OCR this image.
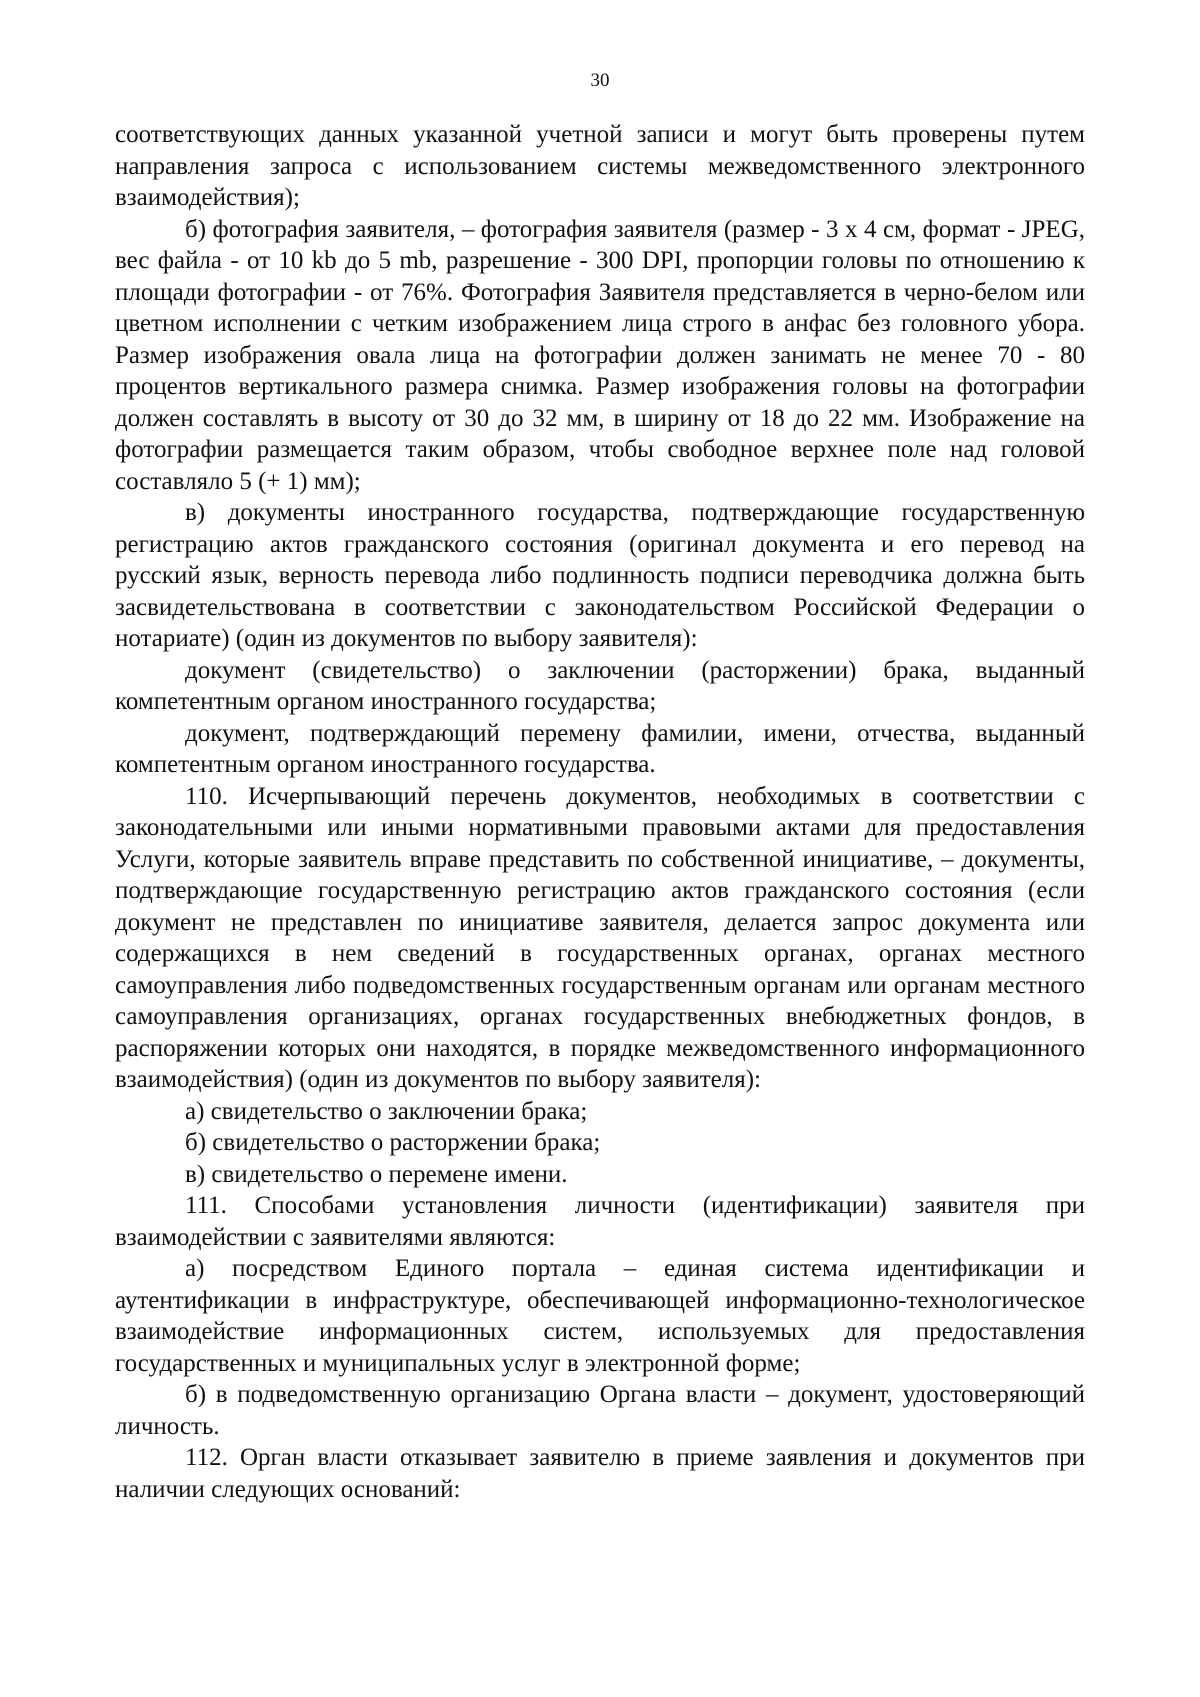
30

соответствующих данных указанной учетной записи и могут быть проверены путем направления запроса с использованием системы межведомственного электронного взаимодействия);

б) фотография заявителя, – фотография заявителя (размер - 3 x 4 см, формат - JPEG, вес файла - от 10 kb до 5 mb, разрешение - 300 DPI, пропорции головы по отношению к площади фотографии - от 76%. Фотография Заявителя представляется в черно-белом или цветном исполнении с четким изображением лица строго в анфас без головного убора. Размер изображения овала лица на фотографии должен занимать не менее 70 - 80 процентов вертикального размера снимка. Размер изображения головы на фотографии должен составлять в высоту от 30 до 32 мм, в ширину от 18 до 22 мм. Изображение на фотографии размещается таким образом, чтобы свободное верхнее поле над головой составляло 5 (+ 1) мм);

в) документы иностранного государства, подтверждающие государственную регистрацию актов гражданского состояния (оригинал документа и его перевод на русский язык, верность перевода либо подлинность подписи переводчика должна быть засвидетельствована в соответствии с законодательством Российской Федерации о нотариате) (один из документов по выбору заявителя):

документ (свидетельство) о заключении (расторжении) брака, выданный компетентным органом иностранного государства;

документ, подтверждающий перемену фамилии, имени, отчества, выданный компетентным органом иностранного государства.

110. Исчерпывающий перечень документов, необходимых в соответствии с законодательными или иными нормативными правовыми актами для предоставления Услуги, которые заявитель вправе представить по собственной инициативе, – документы, подтверждающие государственную регистрацию актов гражданского состояния (если документ не представлен по инициативе заявителя, делается запрос документа или содержащихся в нем сведений в государственных органах, органах местного самоуправления либо подведомственных государственным органам или органам местного самоуправления организациях, органах государственных внебюджетных фондов, в распоряжении которых они находятся, в порядке межведомственного информационного взаимодействия) (один из документов по выбору заявителя):

а) свидетельство о заключении брака;

б) свидетельство о расторжении брака;

в) свидетельство о перемене имени.

111. Способами установления личности (идентификации) заявителя при взаимодействии с заявителями являются:

а) посредством Единого портала – единая система идентификации и аутентификации в инфраструктуре, обеспечивающей информационно-технологическое взаимодействие информационных систем, используемых для предоставления государственных и муниципальных услуг в электронной форме;

б) в подведомственную организацию Органа власти – документ, удостоверяющий личность.

112. Орган власти отказывает заявителю в приеме заявления и документов при наличии следующих оснований:
